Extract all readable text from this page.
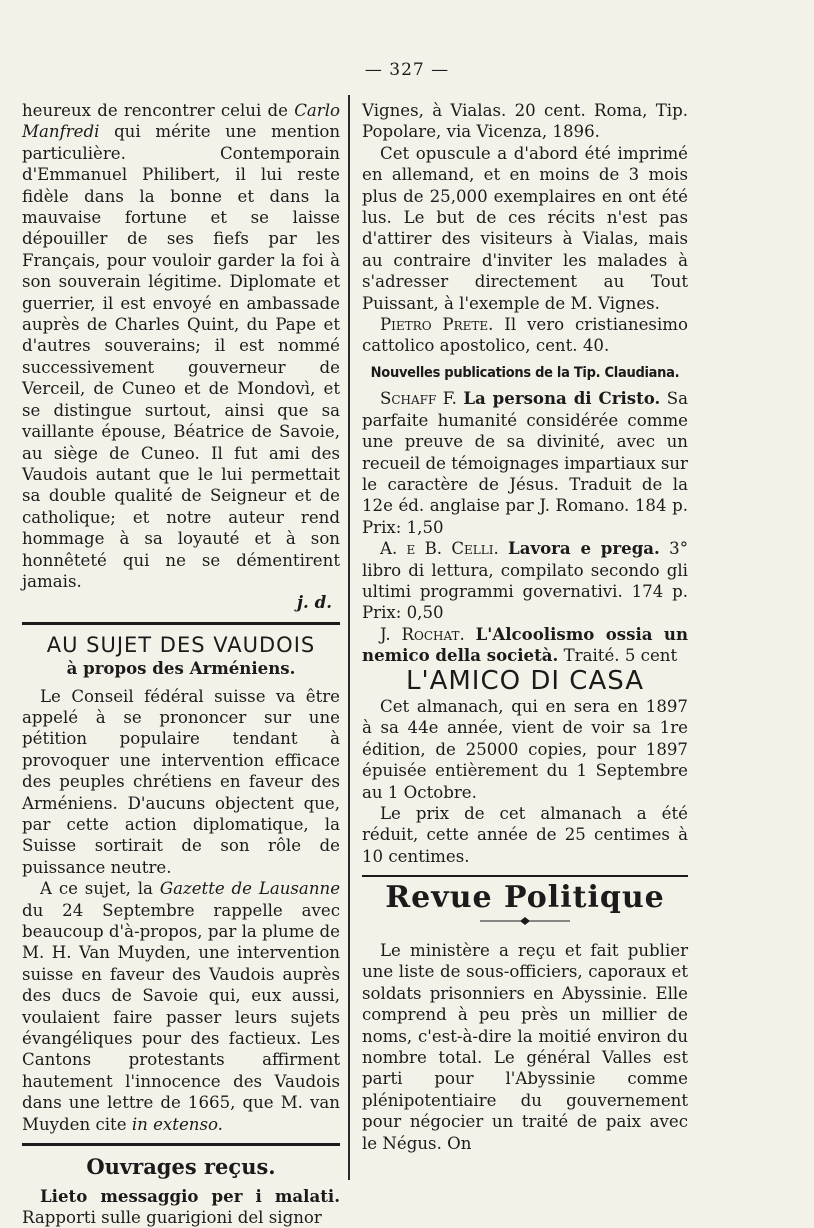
— 327 —

heureux de rencontrer celui de Carlo Manfredi qui mérite une mention particulière. Contemporain d'Emmanuel Philibert, il lui reste fidèle dans la bonne et dans la mauvaise fortune et se laisse dépouiller de ses fiefs par les Français, pour vouloir garder la foi à son souverain légitime. Diplomate et guerrier, il est envoyé en ambassade auprès de Charles Quint, du Pape et d'autres souverains; il est nommé successivement gouverneur de Verceil, de Cuneo et de Mondovì, et se distingue surtout, ainsi que sa vaillante épouse, Béatrice de Savoie, au siège de Cuneo. Il fut ami des Vaudois autant que le lui permettait sa double qualité de Seigneur et de catholique; et notre auteur rend hommage à sa loyauté et à son honnêteté qui ne se démentirent jamais.

j. d.
AU SUJET DES VAUDOIS
à propos des Arméniens.

Le Conseil fédéral suisse va être appelé à se prononcer sur une pétition populaire tendant à provoquer une intervention efficace des peuples chrétiens en faveur des Arméniens. D'aucuns objectent que, par cette action diplomatique, la Suisse sortirait de son rôle de puissance neutre.

A ce sujet, la Gazette de Lausanne du 24 Septembre rappelle avec beaucoup d'à-propos, par la plume de M. H. Van Muyden, une intervention suisse en faveur des Vaudois auprès des ducs de Savoie qui, eux aussi, voulaient faire passer leurs sujets évangéliques pour des factieux. Les Cantons protestants affirment hautement l'innocence des Vaudois dans une lettre de 1665, que M. van Muyden cite in extenso.

Ouvrages reçus.

Lieto messaggio per i malati. Rapporti sulle guarigioni del signor

Vignes, à Vialas. 20 cent. Roma, Tip. Popolare, via Vicenza, 1896.

Cet opuscule a d'abord été imprimé en allemand, et en moins de 3 mois plus de 25,000 exemplaires en ont été lus. Le but de ces récits n'est pas d'attirer des visiteurs à Vialas, mais au contraire d'inviter les malades à s'adresser directement au Tout Puissant, à l'exemple de M. Vignes.

Pietro Prete. Il vero cristianesimo cattolico apostolico, cent. 40.

Nouvelles publications de la Tip. Claudiana.

Schaff F. La persona di Cristo. Sa parfaite humanité considérée comme une preuve de sa divinité, avec un recueil de témoignages impartiaux sur le caractère de Jésus. Traduit de la 12e éd. anglaise par J. Romano. 184 p. Prix: 1,50

A. e B. Celli. Lavora e prega. 3° libro di lettura, compilato secondo gli ultimi programmi governativi. 174 p. Prix: 0,50

J. Rochat. L'Alcoolismo ossia un nemico della società. Traité. 5 cent

L'AMICO DI CASA

Cet almanach, qui en sera en 1897 à sa 44e année, vient de voir sa 1re édition, de 25000 copies, pour 1897 épuisée entièrement du 1 Septembre au 1 Octobre.

Le prix de cet almanach a été réduit, cette année de 25 centimes à 10 centimes.

Revue Politique

Le ministère a reçu et fait publier une liste de sous-officiers, caporaux et soldats prisonniers en Abyssinie. Elle comprend à peu près un millier de noms, c'est-à-dire la moitié environ du nombre total. Le général Valles est parti pour l'Abyssinie comme plénipotentiaire du gouvernement pour négocier un traité de paix avec le Négus. On
